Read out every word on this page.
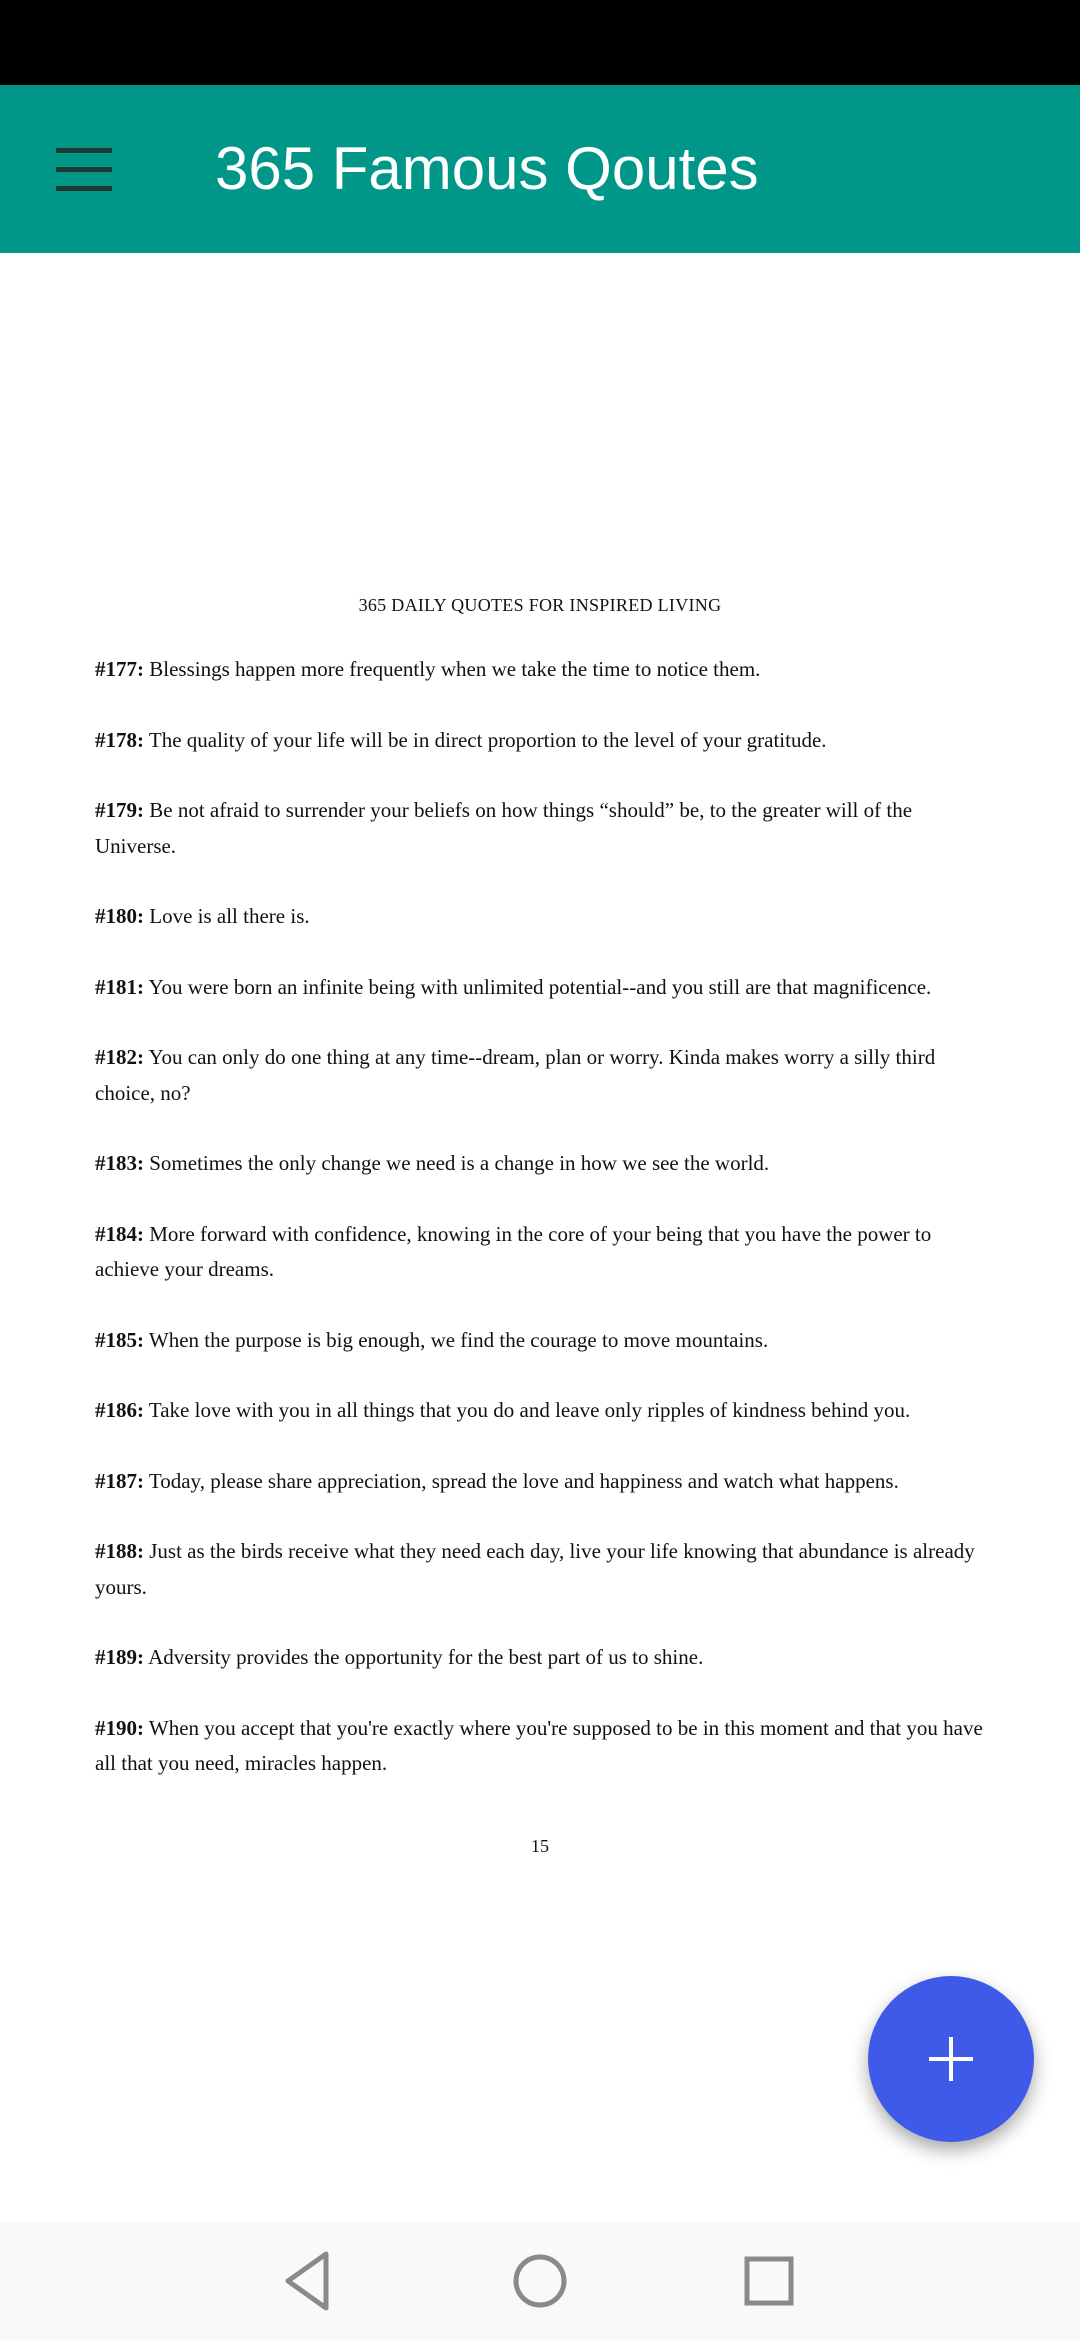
365 Famous Qoutes
365 DAILY QUOTES FOR INSPIRED LIVING
#177: Blessings happen more frequently when we take the time to notice them.
#178: The quality of your life will be in direct proportion to the level of your gratitude.
#179: Be not afraid to surrender your beliefs on how things “should” be, to the greater will of the Universe.
#180: Love is all there is.
#181: You were born an infinite being with unlimited potential--and you still are that magnificence.
#182: You can only do one thing at any time--dream, plan or worry. Kinda makes worry a silly third choice, no?
#183: Sometimes the only change we need is a change in how we see the world.
#184: More forward with confidence, knowing in the core of your being that you have the power to achieve your dreams.
#185: When the purpose is big enough, we find the courage to move mountains.
#186: Take love with you in all things that you do and leave only ripples of kindness behind you.
#187: Today, please share appreciation, spread the love and happiness and watch what happens.
#188: Just as the birds receive what they need each day, live your life knowing that abundance is already yours.
#189: Adversity provides the opportunity for the best part of us to shine.
#190: When you accept that you're exactly where you're supposed to be in this moment and that you have all that you need, miracles happen.
15
